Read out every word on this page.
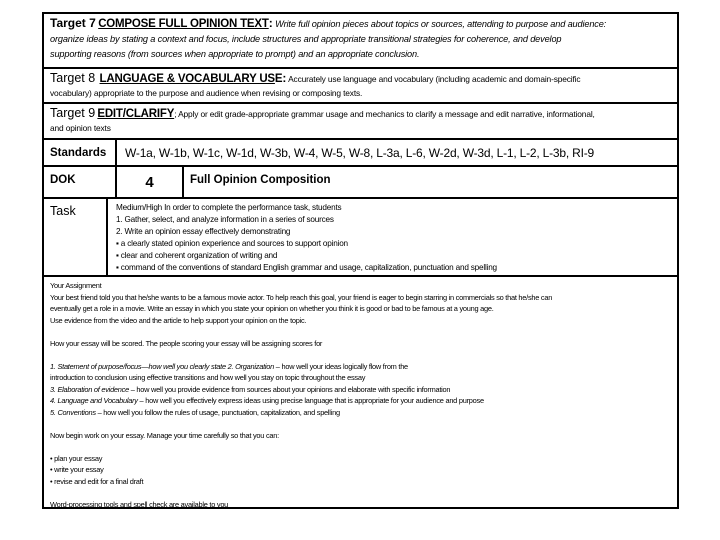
Target 7 COMPOSE FULL OPINION TEXT: Write full opinion pieces about topics or sources, attending to purpose and audience:
organize ideas by stating a context and focus, include structures and appropriate transitional strategies for coherence, and develop
supporting reasons (from sources when appropriate to prompt) and an appropriate conclusion.
Target 8 LANGUAGE & VOCABULARY USE: Accurately use language and vocabulary (including academic and domain-specific
vocabulary) appropriate to the purpose and audience when revising or composing texts.
Target 9 EDIT/CLARIFY; Apply or edit grade-appropriate grammar usage and mechanics to clarify a message and edit narrative, informational,
and opinion texts
Standards	W-1a, W-1b, W-1c, W-1d, W-3b, W-4, W-5, W-8, L-3a, L-6, W-2d, W-3d, L-1, L-2, L-3b, RI-9
DOK	4	Full Opinion Composition
Task	Medium/High In order to complete the performance task, students
1. Gather, select, and analyze information in a series of sources
2. Write an opinion essay effectively demonstrating
▪ a clearly stated opinion experience and sources to support opinion
▪ clear and coherent organization of writing and
▪ command of the conventions of standard English grammar and usage, capitalization, punctuation and spelling
Your Assignment
Your best friend told you that he/she wants to be a famous movie actor. To help reach this goal, your friend is eager to begin starring in commercials so that he/she can
eventually get a role in a movie. Write an essay in which you state your opinion on whether you think it is good or bad to be famous at a young age.
Use evidence from the video and the article to help support your opinion on the topic.
How your essay will be scored. The people scoring your essay will be assigning scores for
1. Statement of purpose/focus—how well you clearly state 2. Organization – how well your ideas logically flow from the
introduction to conclusion using effective transitions and how well you stay on topic throughout the essay
3. Elaboration of evidence – how well you provide evidence from sources about your opinions and elaborate with specific information
4. Language and Vocabulary – how well you effectively express ideas using precise language that is appropriate for your audience and purpose
5. Conventions – how well you follow the rules of usage, punctuation, capitalization, and spelling
Now begin work on your essay. Manage your time carefully so that you can:
• plan your essay
• write your essay
• revise and edit for a final draft
Word-processing tools and spell check are available to you
